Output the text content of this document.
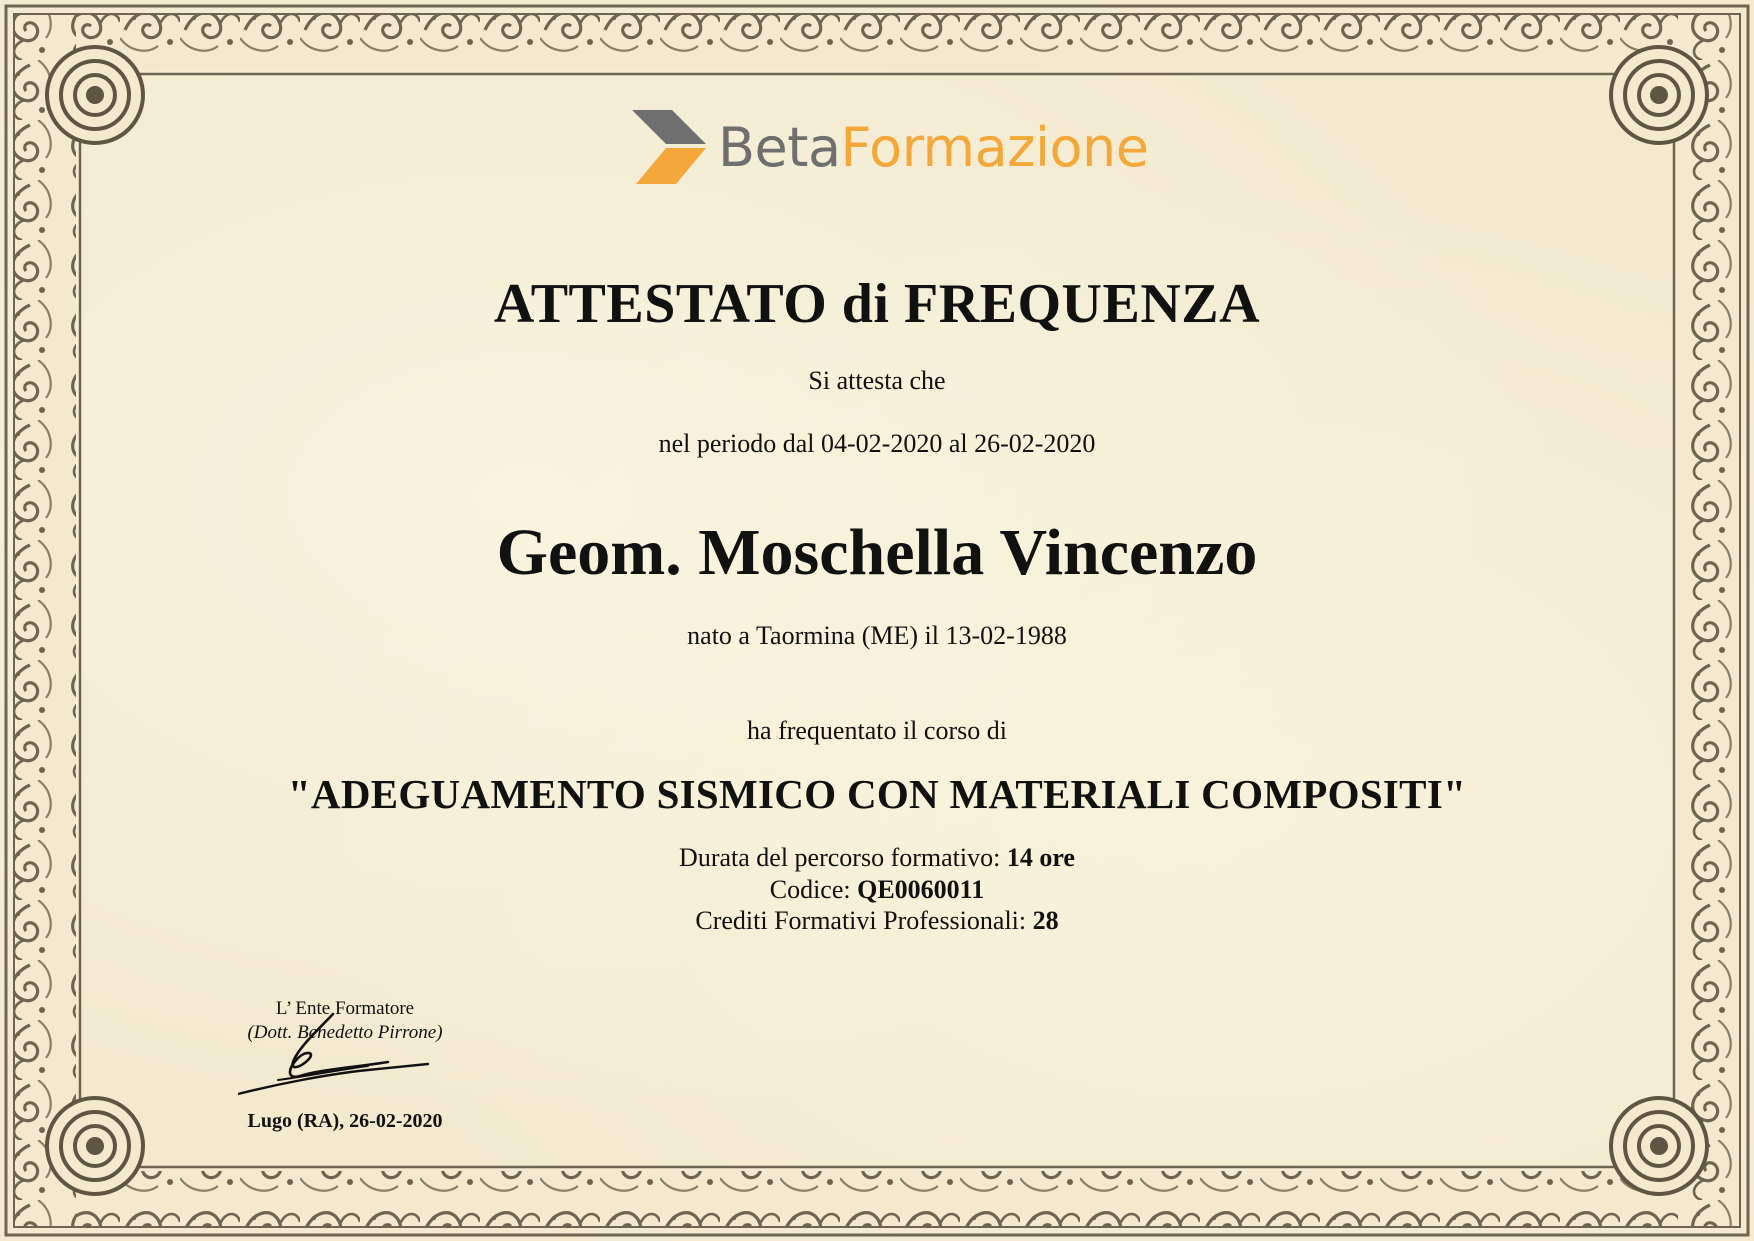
BetaFormazione
ATTESTATO di FREQUENZA
Si attesta che
nel periodo dal 04-02-2020 al 26-02-2020
Geom. Moschella Vincenzo
nato a Taormina (ME) il 13-02-1988
ha frequentato il corso di
"ADEGUAMENTO SISMICO CON MATERIALI COMPOSITI"
Durata del percorso formativo: 14 ore
Codice: QE0060011
Crediti Formativi Professionali: 28
L’ Ente Formatore
(Dott. Benedetto Pirrone)
Lugo (RA), 26-02-2020
